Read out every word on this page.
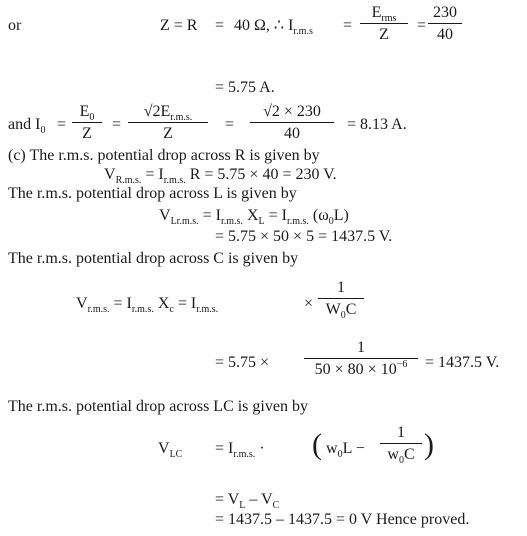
or	Z = R = 40 Ω, ∴ $I_{r.m.s}$ =
$E_{rms}$
Z
= $\frac{230}{40}$
= 5.75 A.
and $I_0 = \frac{E_0}{Z} = \frac{√2E_{r.m.s.}}{Z} = \frac{√2 \times 230}{40} = 8.13$ A.
(c) The r.m.s. potential drop across R is given by
$V_{R.m.s.} = I_{r.m.s.}$ R = 5.75 × 40 = 230 V.
The r.m.s. potential drop across L is given by
$V_{Lr.m.s.} = I_{r.m.s.}$ $X_L = I_{r.m.s.}$ $(\omega_0L)$
= 5.75 × 50 × 5 = 1437.5 V.
The r.m.s. potential drop across C is given by
$V_{r.m.s.} = I_{r.m.s.}$ $X_c = I_{r.m.s.}$	× $\frac{1}{W_0C}$
= $5.75 \times \frac{1}{50 \times 80 \times 10^{-6}} = 1437.5$ V.
The r.m.s. potential drop across LC is given by
$V_{LC} = I_{r.m.s.}$ · ( $w_0L - \frac{1}{w_0C}$ )
= $V_L - V_C$
= 1437.5 – 1437.5 = 0 V Hence proved.
